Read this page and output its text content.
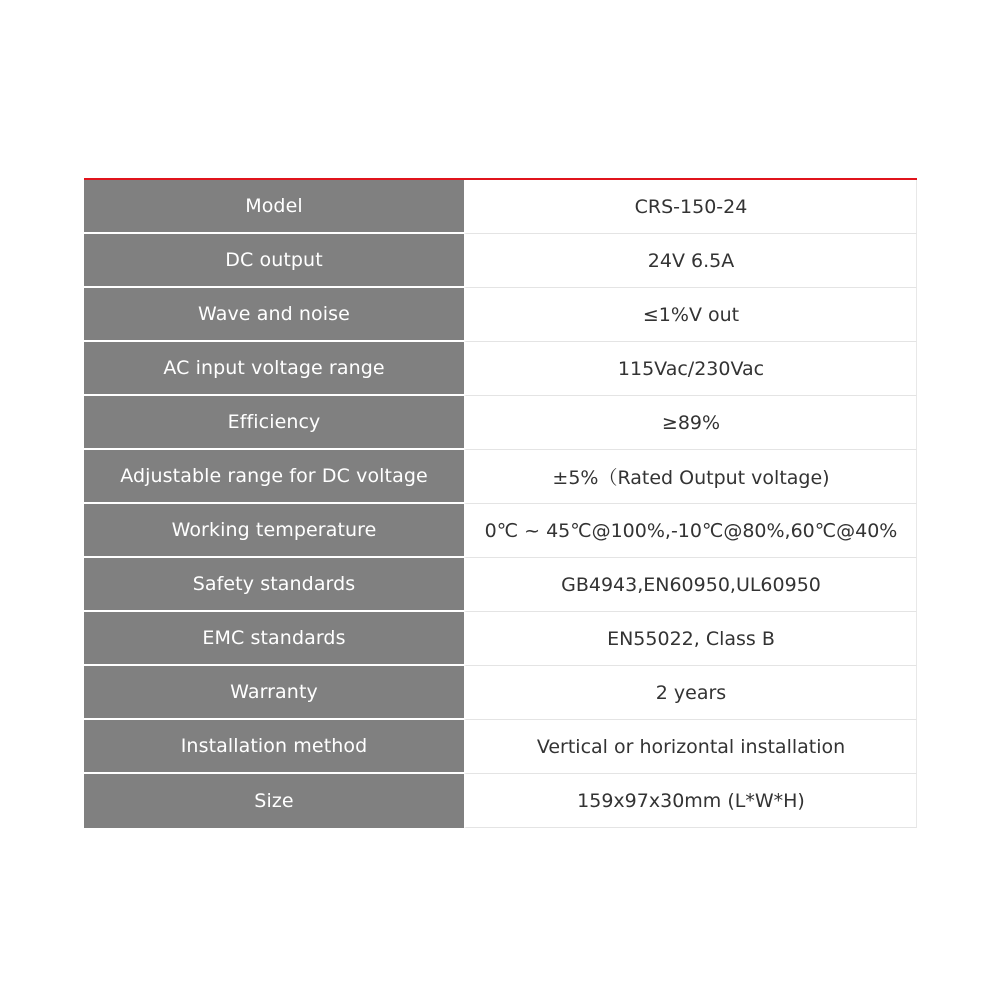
Model	CRS-150-24
DC output	24V 6.5A
Wave and noise	≤1%V out
AC input voltage range	115Vac/230Vac
Efficiency	≥89%
Adjustable range for DC voltage	±5%（Rated Output voltage)
Working temperature	0℃ ~ 45℃@100%,-10℃@80%,60℃@40%
Safety standards	GB4943,EN60950,UL60950
EMC standards	EN55022, Class B
Warranty	2 years
Installation method	Vertical or horizontal installation
Size	159x97x30mm (L*W*H)
